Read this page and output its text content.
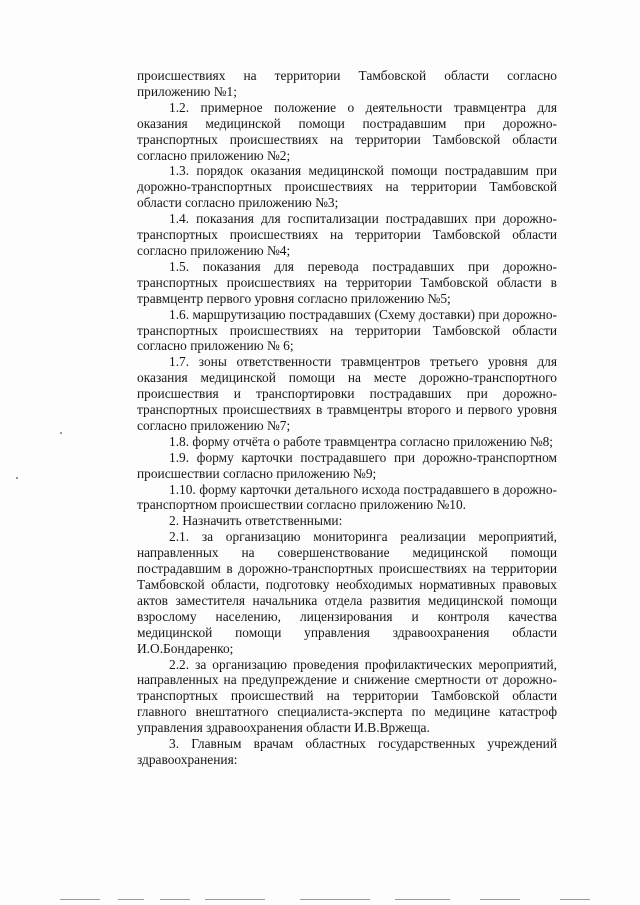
происшествиях на территории Тамбовской области согласно приложению №1;

1.2. примерное положение о деятельности травмцентра для оказания медицинской помощи пострадавшим при дорожно-транспортных происшествиях на территории Тамбовской области согласно приложению №2;

1.3. порядок оказания медицинской помощи пострадавшим при дорожно-транспортных происшествиях на территории Тамбовской области согласно приложению №3;

1.4. показания для госпитализации пострадавших при дорожно-транспортных происшествиях на территории Тамбовской области согласно приложению №4;

1.5. показания для перевода пострадавших при дорожно-транспортных происшествиях на территории Тамбовской области в травмцентр первого уровня согласно приложению №5;

1.6. маршрутизацию пострадавших (Схему доставки) при дорожно-транспортных происшествиях на территории Тамбовской области согласно приложению № 6;

1.7. зоны ответственности травмцентров третьего уровня для оказания медицинской помощи на месте дорожно-транспортного происшествия и транспортировки пострадавших при дорожно-транспортных происшествиях в травмцентры второго и первого уровня согласно приложению №7;

1.8. форму отчёта о работе травмцентра согласно приложению №8;

1.9. форму карточки пострадавшего при дорожно-транспортном происшествии согласно приложению №9;

1.10. форму карточки детального исхода пострадавшего в дорожно-транспортном происшествии согласно приложению №10.

2. Назначить ответственными:

2.1. за организацию мониторинга реализации мероприятий, направленных на совершенствование медицинской помощи пострадавшим в дорожно-транспортных происшествиях на территории Тамбовской области, подготовку необходимых нормативных правовых актов заместителя начальника отдела развития медицинской помощи взрослому населению, лицензирования и контроля качества медицинской помощи управления здравоохранения области И.О.Бондаренко;

2.2. за организацию проведения профилактических мероприятий, направленных на предупреждение и снижение смертности от дорожно-транспортных происшествий на территории Тамбовской области главного внештатного специалиста-эксперта по медицине катастроф управления здравоохранения области И.В.Вржеща.

3. Главным врачам областных государственных учреждений здравоохранения:
